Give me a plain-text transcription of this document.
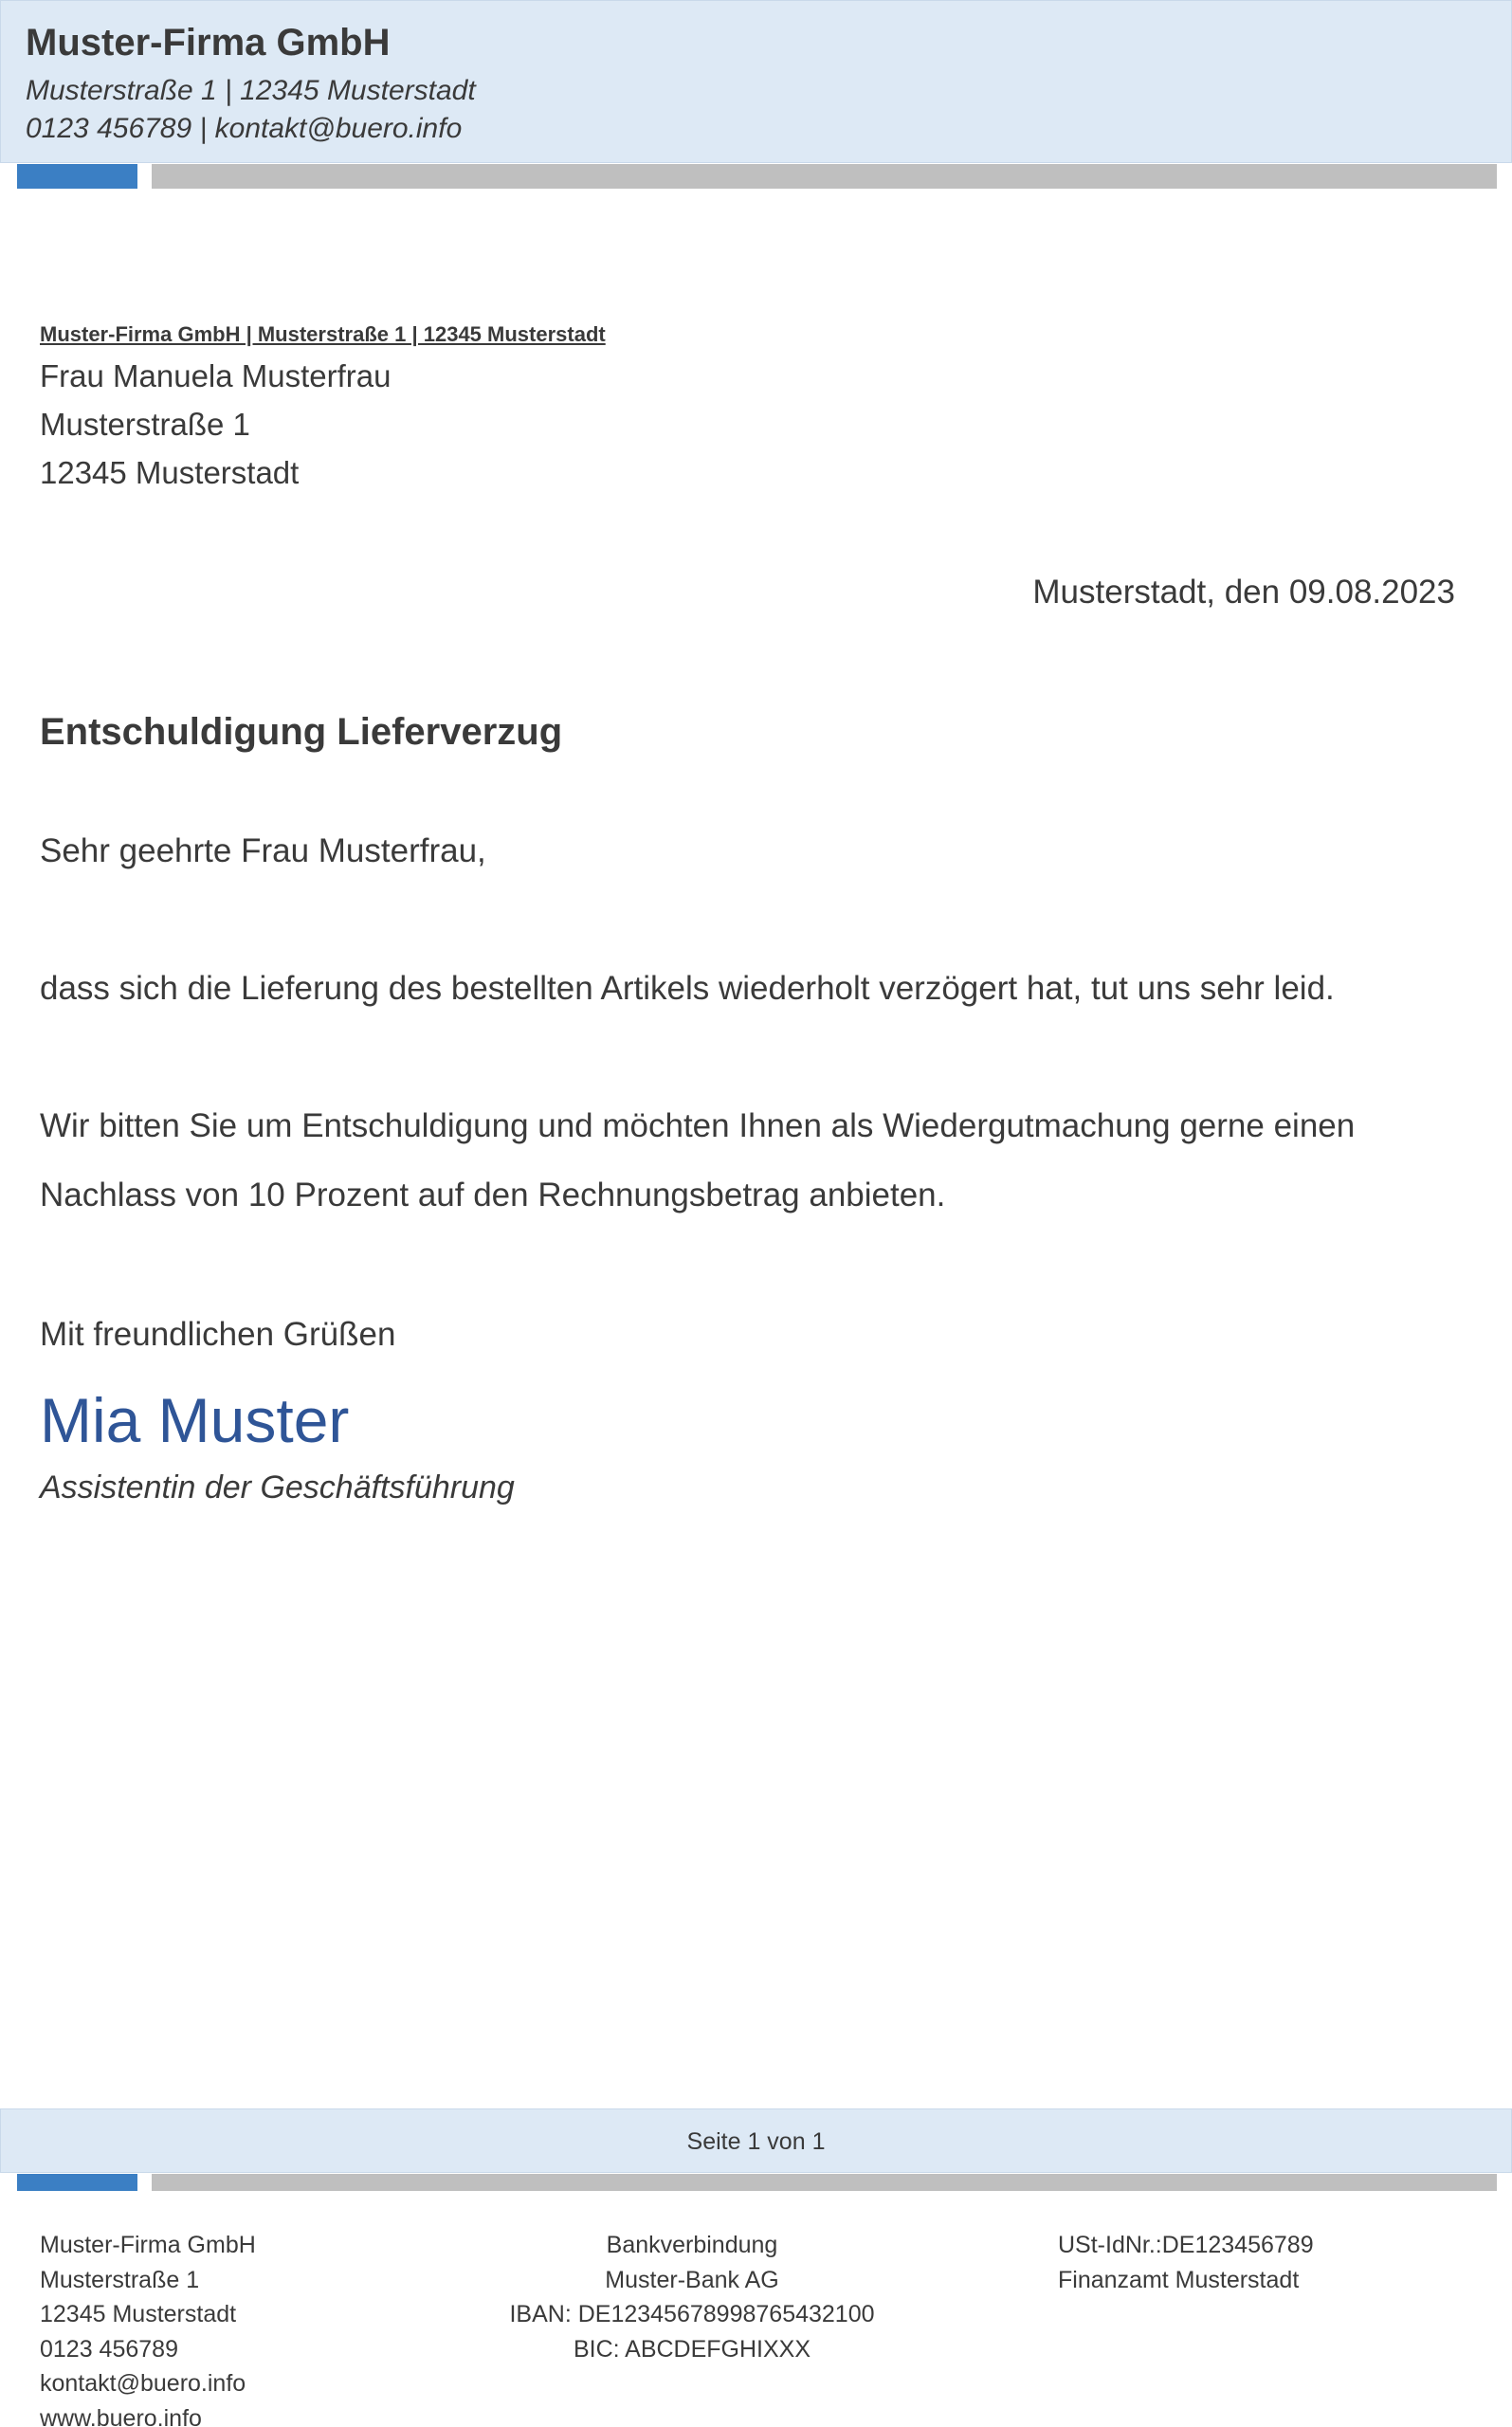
Muster-Firma GmbH
Musterstraße 1 | 12345 Musterstadt
0123 456789 | kontakt@buero.info
Muster-Firma GmbH | Musterstraße 1 | 12345 Musterstadt
Frau Manuela Musterfrau
Musterstraße 1
12345 Musterstadt
Musterstadt, den 09.08.2023
Entschuldigung Lieferverzug
Sehr geehrte Frau Musterfrau,
dass sich die Lieferung des bestellten Artikels wiederholt verzögert hat, tut uns sehr leid.
Wir bitten Sie um Entschuldigung und möchten Ihnen als Wiedergutmachung gerne einen
Nachlass von 10 Prozent auf den Rechnungsbetrag anbieten.
Mit freundlichen Grüßen
Mia Muster
Assistentin der Geschäftsführung
Seite 1 von 1
Muster-Firma GmbH
Musterstraße 1
12345 Musterstadt
0123 456789
kontakt@buero.info
www.buero.info
Bankverbindung
Muster-Bank AG
IBAN: DE12345678998765432100
BIC: ABCDEFGHIXXX
USt-IdNr.:DE123456789
Finanzamt Musterstadt
